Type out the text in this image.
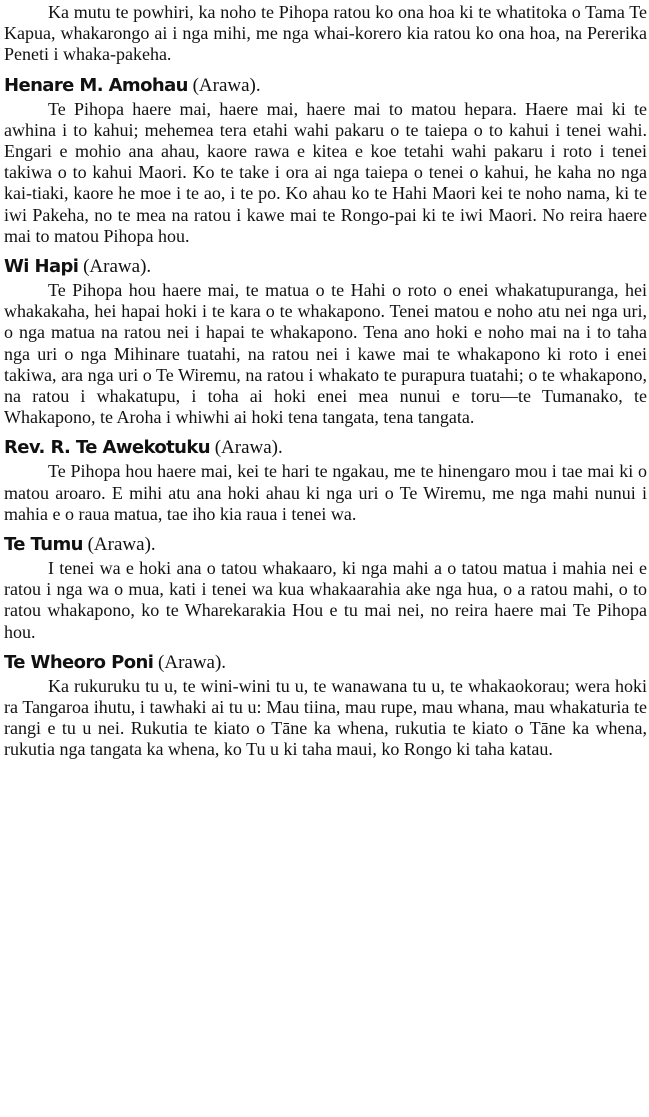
Ka mutu te powhiri, ka noho te Pihopa ratou ko ona hoa ki te whatitoka o Tama Te Kapua, whakarongo ai i nga mihi, me nga whai-korero kia ratou ko ona hoa, na Pererika Peneti i whaka-pakeha.

Henare M. Amohau (Arawa).

Te Pihopa haere mai, haere mai, haere mai to matou hepara. Haere mai ki te awhina i to kahui; mehemea tera etahi wahi pakaru o te taiepa o to kahui i tenei wahi. Engari e mohio ana ahau, kaore rawa e kitea e koe tetahi wahi pakaru i roto i tenei takiwa o to kahui Maori. Ko te take i ora ai nga taiepa o tenei o kahui, he kaha no nga kai-tiaki, kaore he moe i te ao, i te po. Ko ahau ko te Hahi Maori kei te noho nama, ki te iwi Pakeha, no te mea na ratou i kawe mai te Rongo-pai ki te iwi Maori. No reira haere mai to matou Pihopa hou.

Wi Hapi (Arawa).

Te Pihopa hou haere mai, te matua o te Hahi o roto o enei whakatupuranga, hei whakakaha, hei hapai hoki i te kara o te whakapono. Tenei matou e noho atu nei nga uri, o nga matua na ratou nei i hapai te whakapono. Tena ano hoki e noho mai na i to taha nga uri o nga Mihinare tuatahi, na ratou nei i kawe mai te whakapono ki roto i enei takiwa, ara nga uri o Te Wiremu, na ratou i whakato te purapura tuatahi; o te whakapono, na ratou i whakatupu, i toha ai hoki enei mea nunui e toru—te Tumanako, te Whakapono, te Aroha i whiwhi ai hoki tena tangata, tena tangata.

Rev. R. Te Awekotuku (Arawa).

Te Pihopa hou haere mai, kei te hari te ngakau, me te hinengaro mou i tae mai ki o matou aroaro. E mihi atu ana hoki ahau ki nga uri o Te Wiremu, me nga mahi nunui i mahia e o raua matua, tae iho kia raua i tenei wa.

Te Tumu (Arawa).

I tenei wa e hoki ana o tatou whakaaro, ki nga mahi a o tatou matua i mahia nei e ratou i nga wa o mua, kati i tenei wa kua whakaarahia ake nga hua, o a ratou mahi, o to ratou whakapono, ko te Wharekarakia Hou e tu mai nei, no reira haere mai Te Pihopa hou.

Te Wheoro Poni (Arawa).

Ka rukuruku tu u, te wini-wini tu u, te wanawana tu u, te whakaokorau; wera hoki ra Tangaroa ihutu, i tawhaki ai tu u: Mau tiina, mau rupe, mau whana, mau whakaturia te rangi e tu u nei. Rukutia te kiato o Tāne ka whena, rukutia te kiato o Tāne ka whena, rukutia nga tangata ka whena, ko Tu u ki taha maui, ko Rongo ki taha katau.
